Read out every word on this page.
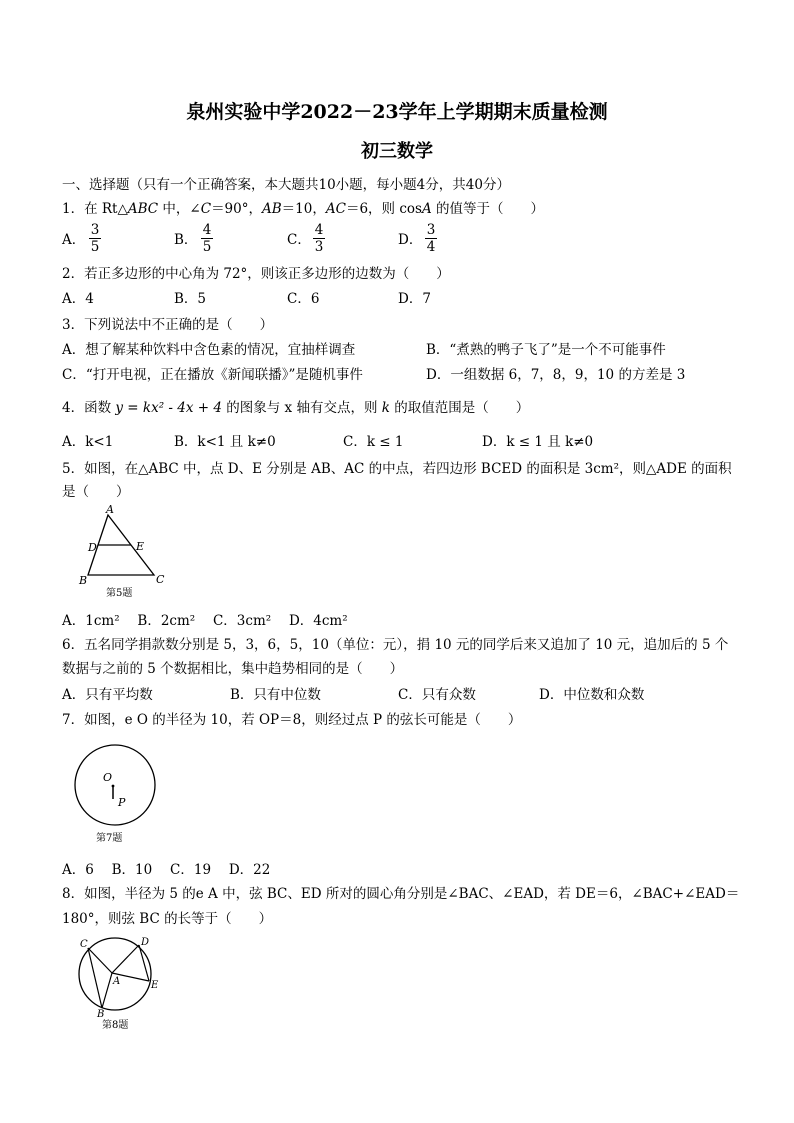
泉州实验中学2022－23学年上学期期末质量检测
初三数学
一、选择题（只有一个正确答案，本大题共10小题，每小题4分，共40分）
1．在 Rt△ABC 中，∠C＝90°，AB＝10，AC＝6，则 cosA 的值等于（　　）
A．
3
5	B．
4
5	C．
4
3	D．
3
4
2．若正多边形的中心角为 72°，则该正多边形的边数为（　　）
A．4	B．5	C．6	D．7
3．下列说法中不正确的是（　　）
A．想了解某种饮料中含色素的情况，宜抽样调查	B．“煮熟的鸭子飞了”是一个不可能事件
C．“打开电视，正在播放《新闻联播》”是随机事件	D．一组数据 6，7，8，9，10 的方差是 3
4．函数 y = kx² - 4x + 4 的图象与 x 轴有交点，则 k 的取值范围是（　　）
A．k<1	B．k<1 且 k≠0	C．k ≤ 1	D．k ≤ 1 且 k≠0
5．如图，在△ABC 中，点 D、E 分别是 AB、AC 的中点，若四边形 BCED 的面积是 3cm²，则△ADE 的面积
是（　　）
A
D	E
B	C
第5题
A．1cm²　 B．2cm²　 C．3cm²　 D．4cm²
6．五名同学捐款数分别是 5，3，6，5，10（单位：元），捐 10 元的同学后来又追加了 10 元，追加后的 5 个
数据与之前的 5 个数据相比，集中趋势相同的是（　　）
A．只有平均数	B．只有中位数	C．只有众数	D．中位数和众数
7．如图，e O 的半径为 10，若 OP＝8，则经过点 P 的弦长可能是（　　）
O
P
第7题
A．6　 B．10　 C．19　 D．22
8．如图，半径为 5 的e A 中，弦 BC、ED 所对的圆心角分别是∠BAC、∠EAD，若 DE＝6，∠BAC+∠EAD＝
180°，则弦 BC 的长等于（　　）
C	D
A	E
B
第8题
